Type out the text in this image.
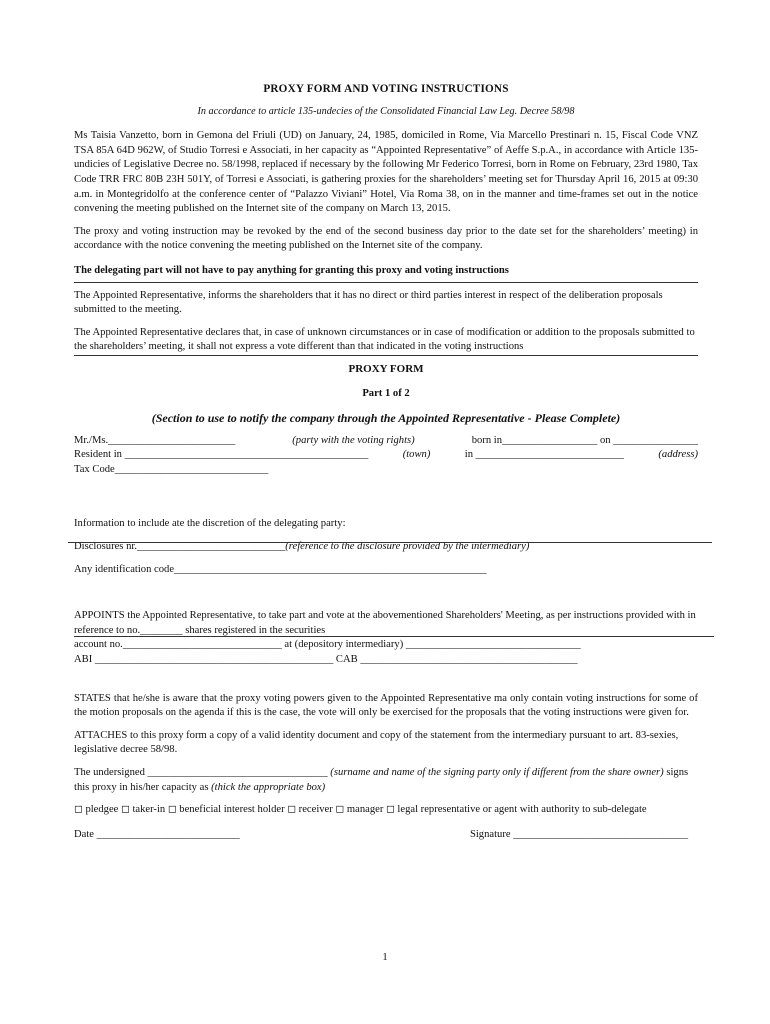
PROXY FORM AND VOTING INSTRUCTIONS

In accordance to article 135-undecies of the Consolidated Financial Law Leg. Decree 58/98

Ms Taisia Vanzetto, born in Gemona del Friuli (UD) on January, 24, 1985, domiciled in Rome, Via Marcello Prestinari n. 15, Fiscal Code VNZ TSA 85A 64D 962W, of Studio Torresi e Associati, in her capacity as “Appointed Representative” of Aeffe S.p.A., in accordance with Article 135-undicies of Legislative Decree no. 58/1998, replaced if necessary by the following Mr Federico Torresi, born in Rome on February, 23rd 1980, Tax Code TRR FRC 80B 23H 501Y, of Torresi e Associati, is gathering proxies for the shareholders’ meeting set for Thursday April 16, 2015 at 09:30 a.m. in Montegridolfo at the conference center of “Palazzo Viviani” Hotel, Via Roma 38, on in the manner and time-frames set out in the notice convening the meeting published on the Internet site of the company on March 13, 2015.

The proxy and voting instruction may be revoked by the end of the second business day prior to the date set for the shareholders’ meeting) in accordance with the notice convening the meeting published on the Internet site of the company.

The delegating part will not have to pay anything for granting this proxy and voting instructions

The Appointed Representative, informs the shareholders that it has no direct or third parties interest in respect of the deliberation proposals submitted to the meeting.

The Appointed Representative declares that, in case of unknown circumstances or in case of modification or addition to the proposals submitted to the shareholders’ meeting, it shall not express a vote different than that indicated in the voting instructions

PROXY FORM

Part 1 of 2

(Section to use to notify the company through the Appointed Representative - Please Complete)

Mr./Ms.________________________	(party with the voting rights)	born in__________________ on ________________
Resident in ______________________________________________	(town)	in ____________________________	(address)

Tax Code_____________________________

Information to include ate the discretion of the delegating party:

Disclosures nr.____________________________(reference to the disclosure provided by the intermediary)

Any identification code___________________________________________________________

APPOINTS the Appointed Representative, to take part and vote at the abovementioned Shareholders' Meeting, as per instructions provided with in reference to no.________ shares registered in the securities

account no.______________________________ at (depository intermediary) _________________________________

ABI _____________________________________________ CAB _________________________________________

STATES that he/she is aware that the proxy voting powers given to the Appointed Representative ma only contain voting instructions for some of the motion proposals on the agenda if this is the case, the vote will only be exercised for the proposals that the voting instructions were given for.

ATTACHES to this proxy form a copy of a valid identity document and copy of the statement from the intermediary pursuant to art. 83-sexies, legislative decree 58/98.

The undersigned __________________________________ (surname and name of the signing party only if different from the share owner) signs this proxy in his/her capacity as (thick the appropriate box)

◻ pledgee ◻ taker-in ◻ beneficial interest holder ◻ receiver ◻ manager ◻ legal representative or agent with authority to sub-delegate

Date ___________________________	Signature _________________________________
1
